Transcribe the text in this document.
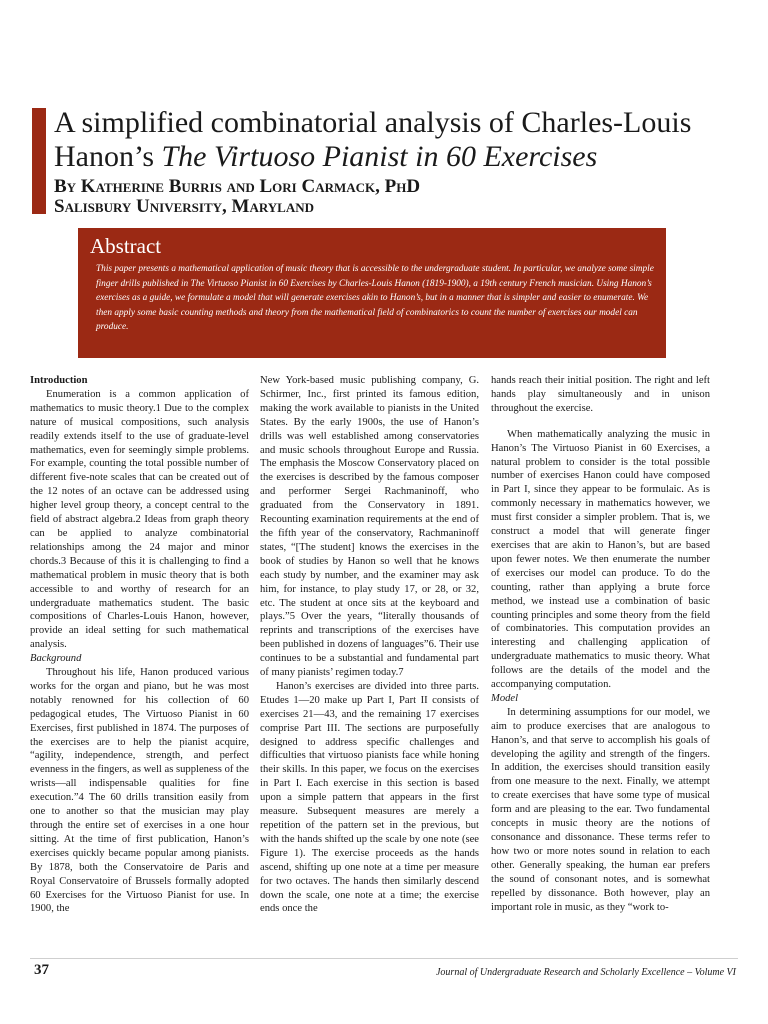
A simplified combinatorial analysis of Charles-Louis Hanon’s The Virtuoso Pianist in 60 Exercises

By Katherine Burris and Lori Carmack, PhD

Salisbury University, Maryland

Abstract

This paper presents a mathematical application of music theory that is accessible to the undergraduate student. In particular, we analyze some simple finger drills published in The Virtuoso Pianist in 60 Exercises by Charles-Louis Hanon (1819-1900), a 19th century French musician. Using Hanon’s exercises as a guide, we formulate a model that will generate exercises akin to Hanon’s, but in a manner that is simpler and easier to enumerate. We then apply some basic counting methods and theory from the mathematical field of combinatorics to count the number of exercises our model can produce.

Introduction

Enumeration is a common application of mathematics to music theory.1 Due to the complex nature of musical compositions, such analysis readily extends itself to the use of graduate-level mathematics, even for seemingly simple problems. For example, counting the total possible number of different five-note scales that can be created out of the 12 notes of an octave can be addressed using higher level group theory, a concept central to the field of abstract algebra.2 Ideas from graph theory can be applied to analyze combinatorial relationships among the 24 major and minor chords.3 Because of this it is challenging to find a mathematical problem in music theory that is both accessible to and worthy of research for an undergraduate mathematics student. The basic compositions of Charles-Louis Hanon, however, provide an ideal setting for such mathematical analysis.

Background

Throughout his life, Hanon produced various works for the organ and piano, but he was most notably renowned for his collection of 60 pedagogical etudes, The Virtuoso Pianist in 60 Exercises, first published in 1874. The purposes of the exercises are to help the pianist acquire, “agility, independence, strength, and perfect evenness in the fingers, as well as suppleness of the wrists—all indispensable qualities for fine execution.”4 The 60 drills transition easily from one to another so that the musician may play through the entire set of exercises in a one hour sitting. At the time of first publication, Hanon’s exercises quickly became popular among pianists. By 1878, both the Conservatoire de Paris and Royal Conservatoire of Brussels formally adopted 60 Exercises for the Virtuoso Pianist for use. In 1900, the

New York-based music publishing company, G. Schirmer, Inc., first printed its famous edition, making the work available to pianists in the United States. By the early 1900s, the use of Hanon’s drills was well established among conservatories and music schools throughout Europe and Russia. The emphasis the Moscow Conservatory placed on the exercises is described by the famous composer and performer Sergei Rachmaninoff, who graduated from the Conservatory in 1891. Recounting examination requirements at the end of the fifth year of the conservatory, Rachmaninoff states, “[The student] knows the exercises in the book of studies by Hanon so well that he knows each study by number, and the examiner may ask him, for instance, to play study 17, or 28, or 32, etc. The student at once sits at the keyboard and plays.”5 Over the years, “literally thousands of reprints and transcriptions of the exercises have been published in dozens of languages”6. Their use continues to be a substantial and fundamental part of many pianists’ regimen today.7

Hanon’s exercises are divided into three parts. Etudes 1—20 make up Part I, Part II consists of exercises 21—43, and the remaining 17 exercises comprise Part III. The sections are purposefully designed to address specific challenges and difficulties that virtuoso pianists face while honing their skills. In this paper, we focus on the exercises in Part I. Each exercise in this section is based upon a simple pattern that appears in the first measure. Subsequent measures are merely a repetition of the pattern set in the previous, but with the hands shifted up the scale by one note (see Figure 1). The exercise proceeds as the hands ascend, shifting up one note at a time per measure for two octaves. The hands then similarly descend down the scale, one note at a time; the exercise ends once the

hands reach their initial position. The right and left hands play simultaneously and in unison throughout the exercise.

When mathematically analyzing the music in Hanon’s The Virtuoso Pianist in 60 Exercises, a natural problem to consider is the total possible number of exercises Hanon could have composed in Part I, since they appear to be formulaic. As is commonly necessary in mathematics however, we must first consider a simpler problem. That is, we construct a model that will generate finger exercises that are akin to Hanon’s, but are based upon fewer notes. We then enumerate the number of exercises our model can produce. To do the counting, rather than applying a brute force method, we instead use a combination of basic counting principles and some theory from the field of combinatories. This computation provides an interesting and challenging application of undergraduate mathematics to music theory. What follows are the details of the model and the accompanying computation.

Model

In determining assumptions for our model, we aim to produce exercises that are analogous to Hanon’s, and that serve to accomplish his goals of developing the agility and strength of the fingers. In addition, the exercises should transition easily from one measure to the next. Finally, we attempt to create exercises that have some type of musical form and are pleasing to the ear. Two fundamental concepts in music theory are the notions of consonance and dissonance. These terms refer to how two or more notes sound in relation to each other. Generally speaking, the human ear prefers the sound of consonant notes, and is somewhat repelled by dissonance. Both however, play an important role in music, as they “work to-

37	Journal of Undergraduate Research and Scholarly Excellence – Volume VI
